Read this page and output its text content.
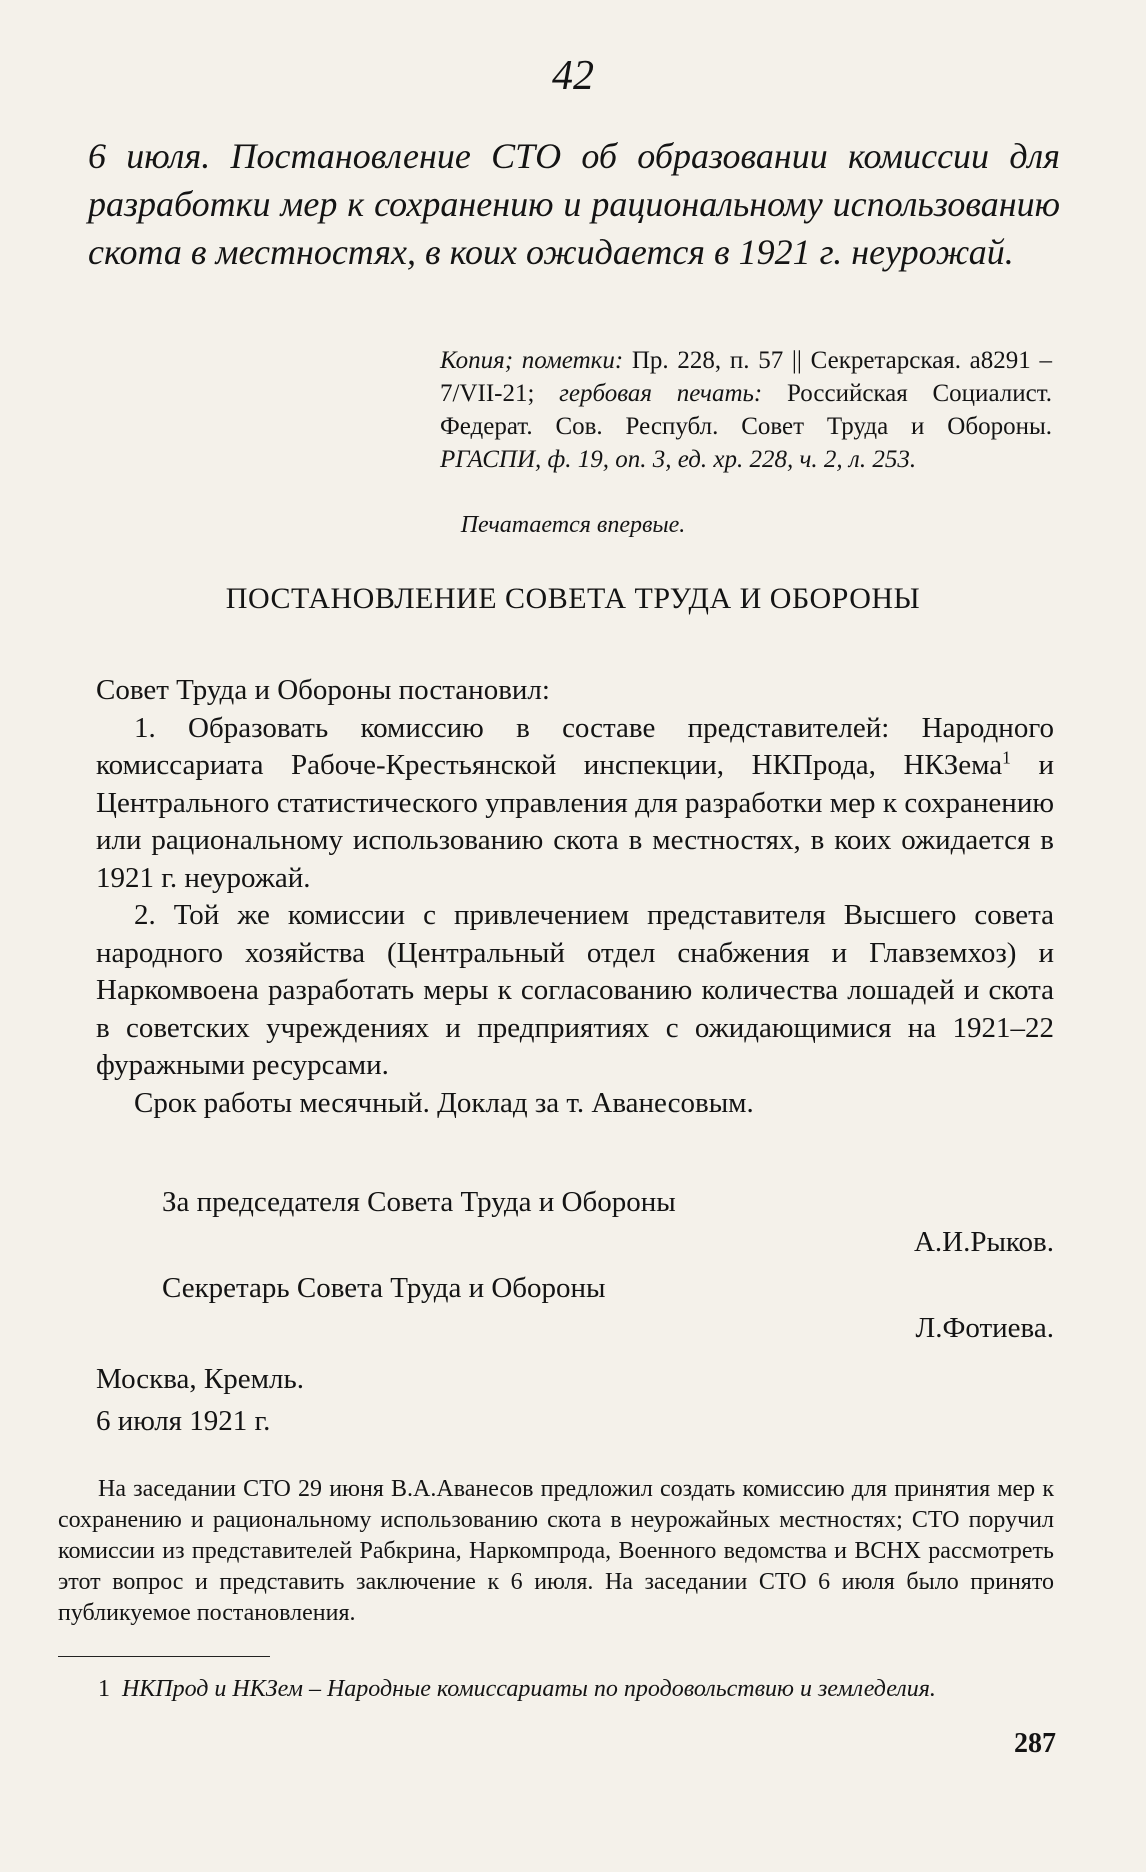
42
6 июля. Постановление СТО об образовании комиссии для разработки мер к сохранению и рациональному использованию скота в местностях, в коих ожидается в 1921 г. неурожай.
Копия; пометки: Пр. 228, п. 57 || Секретарская. а8291 – 7/VII-21; гербовая печать: Российская Социалист. Федерат. Сов. Республ. Совет Труда и Обороны. РГАСПИ, ф. 19, оп. 3, ед. хр. 228, ч. 2, л. 253.
Печатается впервые.
ПОСТАНОВЛЕНИЕ СОВЕТА ТРУДА И ОБОРОНЫ

Совет Труда и Обороны постановил:

1. Образовать комиссию в составе представителей: Народного комиссариата Рабоче-Крестьянской инспекции, НКПрода, НКЗема$^1$ и Центрального статистического управления для разработки мер к сохранению или рациональному использованию скота в местностях, в коих ожидается в 1921 г. неурожай.

2. Той же комиссии с привлечением представителя Высшего совета народного хозяйства (Центральный отдел снабжения и Главземхоз) и Наркомвоена разработать меры к согласованию количества лошадей и скота в советских учреждениях и предприятиях с ожидающимися на 1921–22 фуражными ресурсами.

Срок работы месячный. Доклад за т. Аванесовым.

За председателя Совета Труда и Обороны
А.И.Рыков.
Секретарь Совета Труда и Обороны
Л.Фотиева.
Москва, Кремль.
6 июля 1921 г.

На заседании СТО 29 июня В.А.Аванесов предложил создать комиссию для принятия мер к сохранению и рациональному использованию скота в неурожайных местностях; СТО поручил комиссии из представителей Рабкрина, Наркомпрода, Военного ведомства и ВСНХ рассмотреть этот вопрос и представить заключение к 6 июля. На заседании СТО 6 июля было принято публикуемое постановления.

1 НКПрод и НКЗем – Народные комиссариаты по продовольствию и земледелия.
287
